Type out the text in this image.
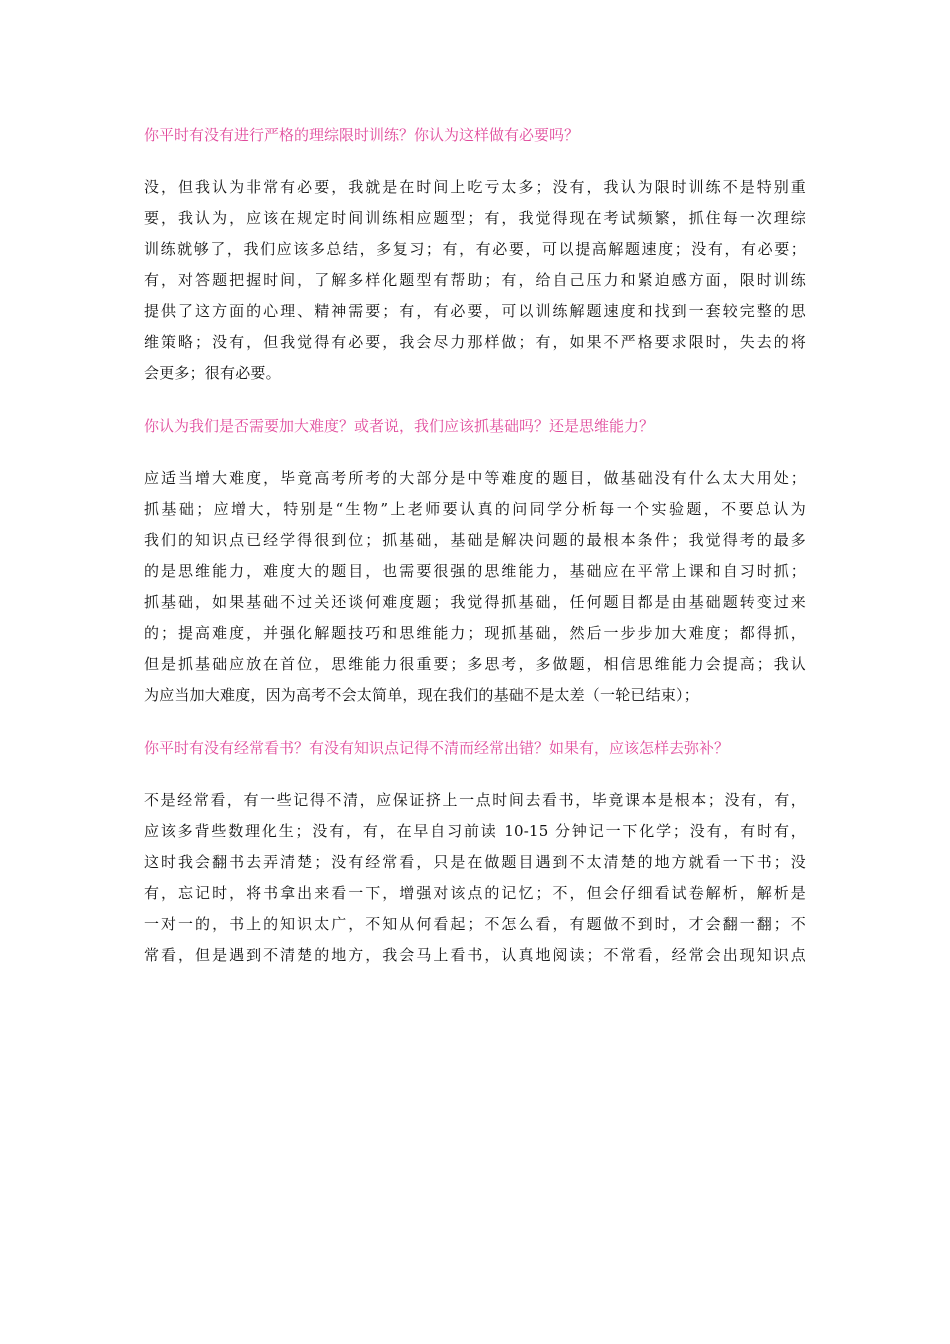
你平时有没有进行严格的理综限时训练？你认为这样做有必要吗？
没，但我认为非常有必要，我就是在时间上吃亏太多；没有，我认为限时训练不是特别重
要，我认为，应该在规定时间训练相应题型；有，我觉得现在考试频繁，抓住每一次理综
训练就够了，我们应该多总结，多复习；有，有必要，可以提高解题速度；没有，有必要；
有，对答题把握时间，了解多样化题型有帮助；有，给自己压力和紧迫感方面，限时训练
提供了这方面的心理、精神需要；有，有必要，可以训练解题速度和找到一套较完整的思
维策略；没有，但我觉得有必要，我会尽力那样做；有，如果不严格要求限时，失去的将
会更多；很有必要。
你认为我们是否需要加大难度？或者说，我们应该抓基础吗？还是思维能力？
应适当增大难度，毕竟高考所考的大部分是中等难度的题目，做基础没有什么太大用处；
抓基础；应增大，特别是“生物”上老师要认真的问同学分析每一个实验题，不要总认为
我们的知识点已经学得很到位；抓基础，基础是解决问题的最根本条件；我觉得考的最多
的是思维能力，难度大的题目，也需要很强的思维能力，基础应在平常上课和自习时抓；
抓基础，如果基础不过关还谈何难度题；我觉得抓基础，任何题目都是由基础题转变过来
的；提高难度，并强化解题技巧和思维能力；现抓基础，然后一步步加大难度；都得抓，
但是抓基础应放在首位，思维能力很重要；多思考，多做题，相信思维能力会提高；我认
为应当加大难度，因为高考不会太简单，现在我们的基础不是太差（一轮已结束）；
你平时有没有经常看书？有没有知识点记得不清而经常出错？如果有，应该怎样去弥补？
不是经常看，有一些记得不清，应保证挤上一点时间去看书，毕竟课本是根本；没有，有，
应该多背些数理化生；没有，有，在早自习前读 10-15 分钟记一下化学；没有，有时有，
这时我会翻书去弄清楚；没有经常看，只是在做题目遇到不太清楚的地方就看一下书；没
有，忘记时，将书拿出来看一下，增强对该点的记忆；不，但会仔细看试卷解析，解析是
一对一的，书上的知识太广，不知从何看起；不怎么看，有题做不到时，才会翻一翻；不
常看，但是遇到不清楚的地方，我会马上看书，认真地阅读；不常看，经常会出现知识点
